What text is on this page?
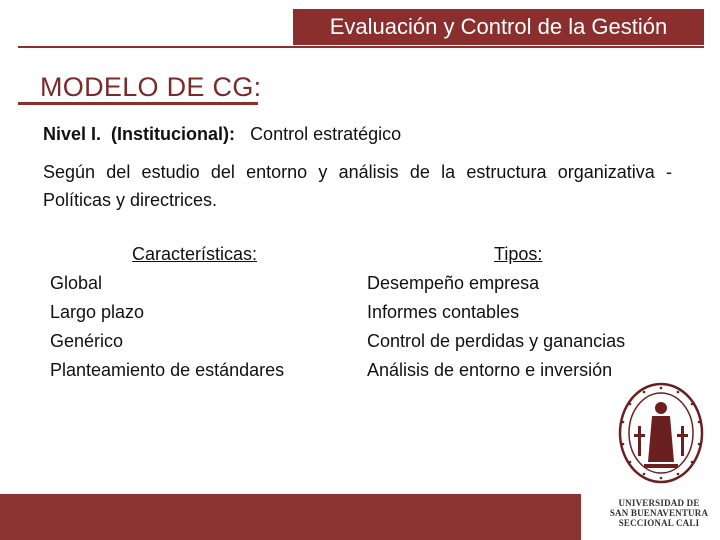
Evaluación y Control de la Gestión
MODELO DE CG:
Nivel I. (Institucional): Control estratégico
Según del estudio del entorno y análisis de la estructura organizativa - Políticas y directrices.
Características:
Global
Largo plazo
Genérico
Planteamiento de estándares
Tipos:
Desempeño empresa
Informes contables
Control de perdidas y ganancias
Análisis de entorno e inversión
UNIVERSIDAD DE
SAN BUENAVENTURA
SECCIONAL CALI
